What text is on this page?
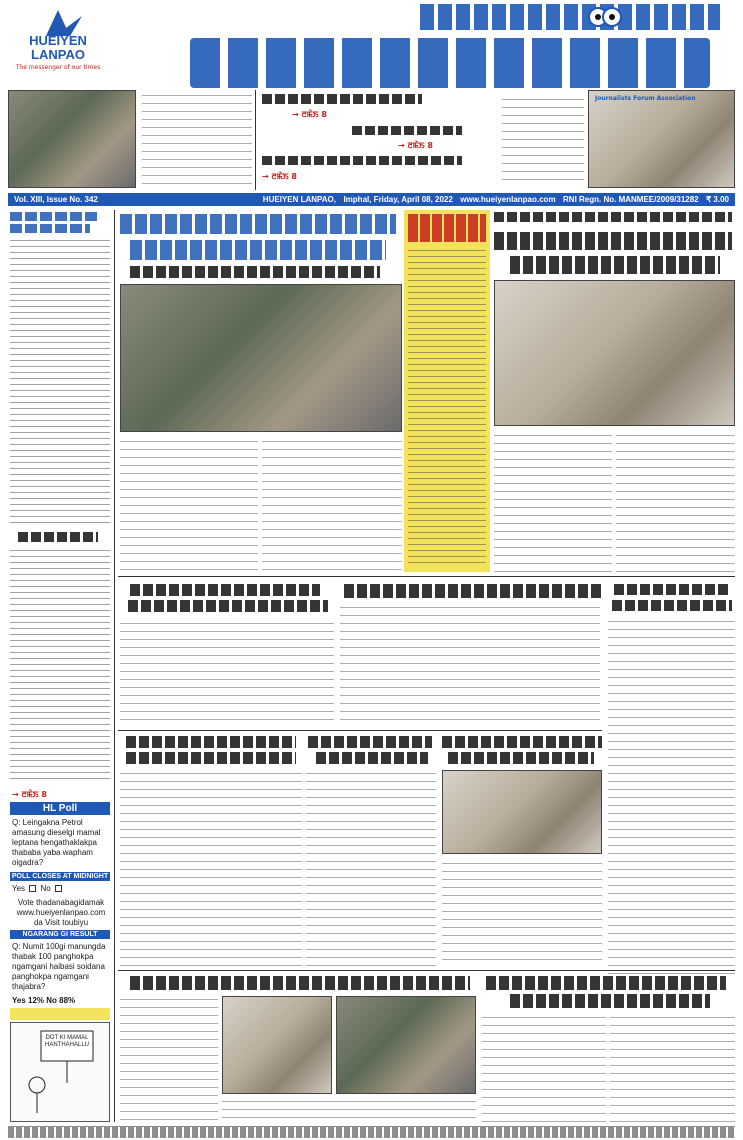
HUEIYEN
LANPAO
The messenger of our times
→ ꯂꯃꯥꯏ 8
→ ꯂꯃꯥꯏ 8
→ ꯂꯃꯥꯏ 8
Journalists Forum Association
Vol. XIII, Issue No. 342	HUEIYEN LANPAO, Imphal, Friday, April 08, 2022 www.hueiyenlanpao.com RNI Regn. No. MANMEE/2009/31282 ₹ 3.00
→ ꯂꯃꯥꯏ 8
HL Poll
Q: Leingakna Petrol amasung dieselgi mamal leptana hengathaklakpa thababa yaba wapham oigadra?
POLL CLOSES AT MIDNIGHT
Yes No
Vote thadanabagidamak www.hueiyenlanpao.com da Visit toubiyu
NGARANG GI RESULT
Q: Numit 100gi manungda thabak 100 panghokpa ngamgani haibasi soidana panghokpa ngamgani thajabra?
Yes 12% No 88%
DOT KI MAMAL HANTHAHALLU
